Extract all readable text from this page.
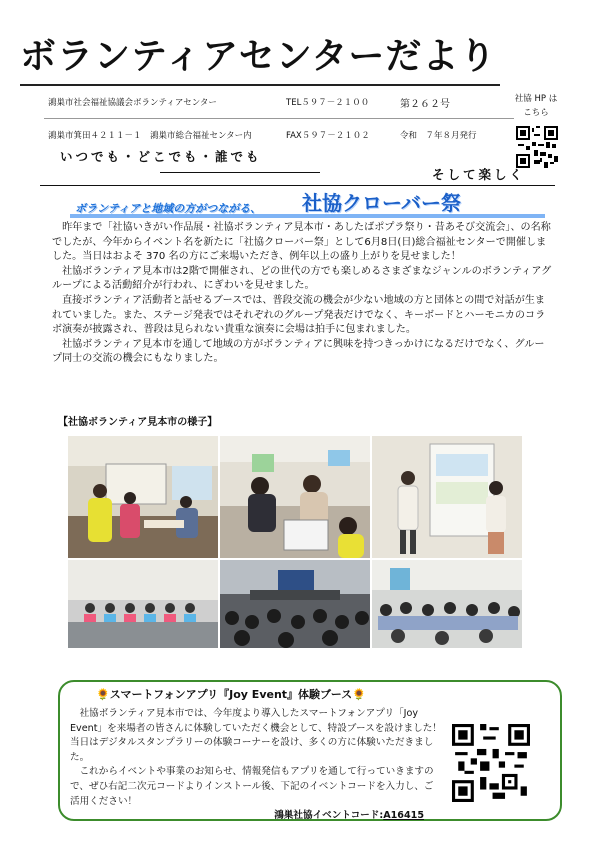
ボランティアセンターだより
鴻巣市社会福祉協議会ボランティアセンター	TEL５９７－２１００	第２６２号
鴻巣市箕田４２１１－１　鴻巣市総合福祉センター内	FAX５９７－２１０２	令和　７年８月発行
社協 HP は
こちら
いつでも・どこでも・誰でも
そして楽しく
ボランティアと地域の方がつながる、 社協クローバー祭

　昨年まで「社協いきがい作品展・社協ボランティア見本市・あしたばポプラ祭り・昔あそび交流会」、の名称でしたが、今年からイベント名を新たに「社協クローバー祭」として6月8日(日)総合福祉センターで開催しました。当日はおよそ 370 名の方にご来場いただき、例年以上の盛り上がりを見せました！

　社協ボランティア見本市は2階で開催され、どの世代の方でも楽しめるさまざまなジャンルのボランティアグループによる活動紹介が行われ、にぎわいを見せました。

　直接ボランティア活動者と話せるブースでは、普段交流の機会が少ない地域の方と団体との間で対話が生まれていました。また、ステージ発表ではそれぞれのグループ発表だけでなく、キーボードとハーモニカのコラボ演奏が披露され、普段は見られない貴重な演奏に会場は拍手に包まれました。

　社協ボランティア見本市を通して地域の方がボランティアに興味を持つきっかけになるだけでなく、グループ同士の交流の機会にもなりました。

【社協ボランティア見本市の様子】
🌻スマートフォンアプリ『Joy Event』体験ブース🌻

　社協ボランティア見本市では、今年度より導入したスマートフォンアプリ「Joy Event」を来場者の皆さんに体験していただく機会として、特設ブースを設けました！当日はデジタルスタンプラリーの体験コーナーを設け、多くの方に体験いただきました。

　これからイベントや事業のお知らせ、情報発信もアプリを通して行っていきますので、ぜひ右記二次元コードよりインストール後、下記のイベントコードを入力し、ご活用ください！

鴻巣社協イベントコード:A16415
